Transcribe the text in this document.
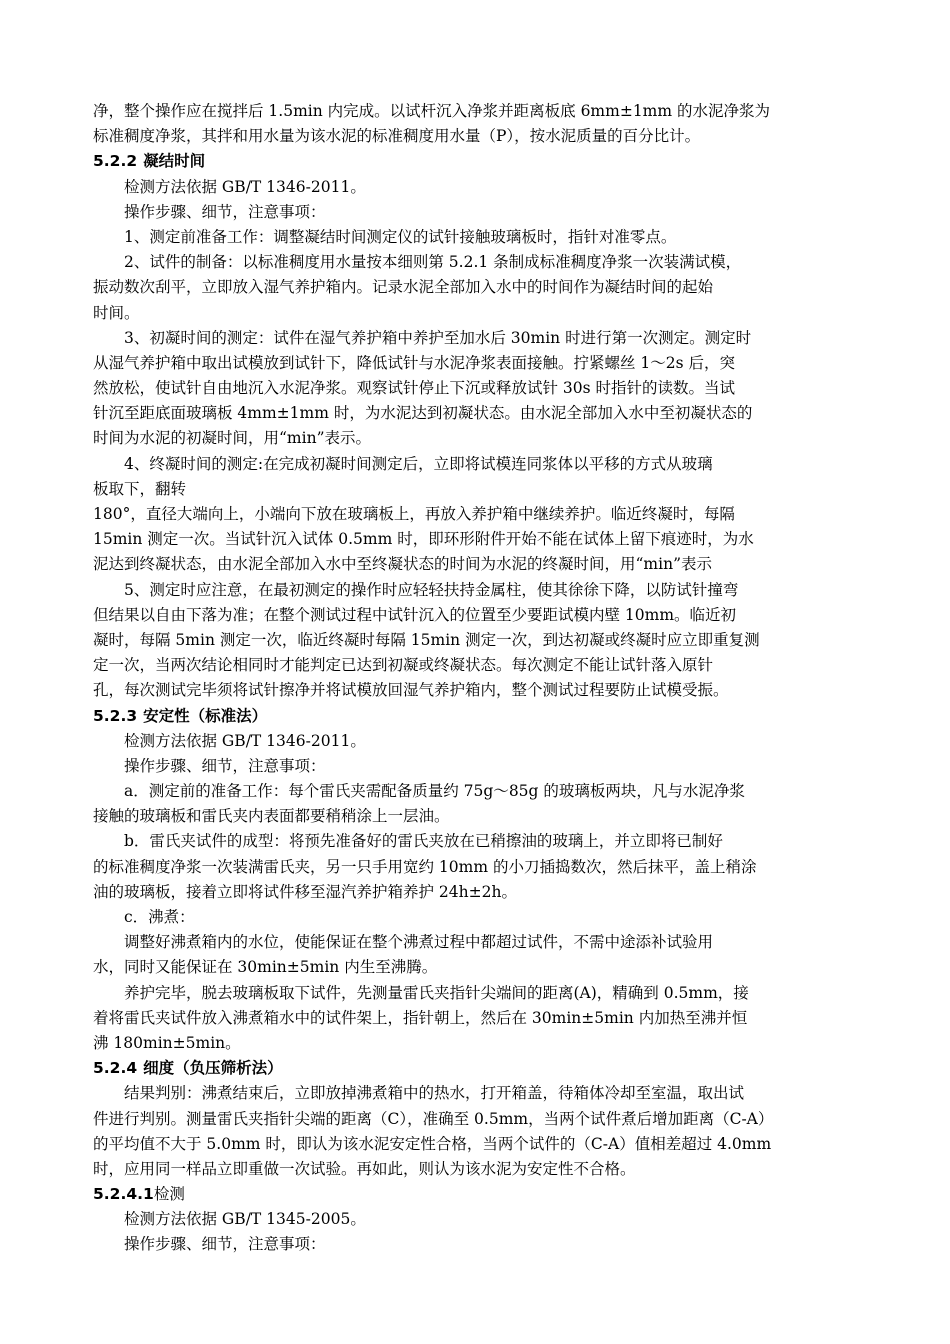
净，整个操作应在搅拌后 1.5min 内完成。以试杆沉入净浆并距离板底 6mm±1mm 的水泥净浆为
标准稠度净浆，其拌和用水量为该水泥的标准稠度用水量（P），按水泥质量的百分比计。
5.2.2 凝结时间
检测方法依据 GB/T 1346-2011。
操作步骤、细节，注意事项：
1、测定前准备工作：调整凝结时间测定仪的试针接触玻璃板时，指针对准零点。
2、试件的制备：以标准稠度用水量按本细则第 5.2.1 条制成标准稠度净浆一次装满试模，
振动数次刮平，立即放入湿气养护箱内。记录水泥全部加入水中的时间作为凝结时间的起始
时间。
3、初凝时间的测定：试件在湿气养护箱中养护至加水后 30min 时进行第一次测定。测定时
从湿气养护箱中取出试模放到试针下，降低试针与水泥净浆表面接触。拧紧螺丝 1～2s 后，突
然放松，使试针自由地沉入水泥净浆。观察试针停止下沉或释放试针 30s 时指针的读数。当试
针沉至距底面玻璃板 4mm±1mm 时，为水泥达到初凝状态。由水泥全部加入水中至初凝状态的
时间为水泥的初凝时间，用“min”表示。
4、终凝时间的测定:在完成初凝时间测定后，立即将试模连同浆体以平移的方式从玻璃
板取下，翻转
180°，直径大端向上，小端向下放在玻璃板上，再放入养护箱中继续养护。临近终凝时，每隔
15min 测定一次。当试针沉入试体 0.5mm 时，即环形附件开始不能在试体上留下痕迹时，为水
泥达到终凝状态，由水泥全部加入水中至终凝状态的时间为水泥的终凝时间，用“min”表示
5、测定时应注意，在最初测定的操作时应轻轻扶持金属柱，使其徐徐下降，以防试针撞弯
但结果以自由下落为准；在整个测试过程中试针沉入的位置至少要距试模内壁 10mm。临近初
凝时，每隔 5min 测定一次，临近终凝时每隔 15min 测定一次，到达初凝或终凝时应立即重复测
定一次，当两次结论相同时才能判定已达到初凝或终凝状态。每次测定不能让试针落入原针
孔，每次测试完毕须将试针擦净并将试模放回湿气养护箱内，整个测试过程要防止试模受振。
5.2.3 安定性（标准法）
检测方法依据 GB/T 1346-2011。
操作步骤、细节，注意事项：
a．测定前的准备工作：每个雷氏夹需配备质量约 75g～85g 的玻璃板两块，凡与水泥净浆
接触的玻璃板和雷氏夹内表面都要稍稍涂上一层油。
b．雷氏夹试件的成型：将预先准备好的雷氏夹放在已稍擦油的玻璃上，并立即将已制好
的标准稠度净浆一次装满雷氏夹，另一只手用宽约 10mm 的小刀插捣数次，然后抹平，盖上稍涂
油的玻璃板，接着立即将试件移至湿汽养护箱养护 24h±2h。
c．沸煮：
调整好沸煮箱内的水位，使能保证在整个沸煮过程中都超过试件，不需中途添补试验用
水，同时又能保证在 30min±5min 内生至沸腾。
养护完毕，脱去玻璃板取下试件，先测量雷氏夹指针尖端间的距离(A)，精确到 0.5mm，接
着将雷氏夹试件放入沸煮箱水中的试件架上，指针朝上，然后在 30min±5min 内加热至沸并恒
沸 180min±5min。
5.2.4 细度（负压筛析法）
结果判别：沸煮结束后，立即放掉沸煮箱中的热水，打开箱盖，待箱体冷却至室温，取出试
件进行判别。测量雷氏夹指针尖端的距离（C），准确至 0.5mm，当两个试件煮后增加距离（C-A）
的平均值不大于 5.0mm 时，即认为该水泥安定性合格，当两个试件的（C-A）值相差超过 4.0mm
时，应用同一样品立即重做一次试验。再如此，则认为该水泥为安定性不合格。
5.2.4.1检测
检测方法依据 GB/T 1345-2005。
操作步骤、细节，注意事项：
